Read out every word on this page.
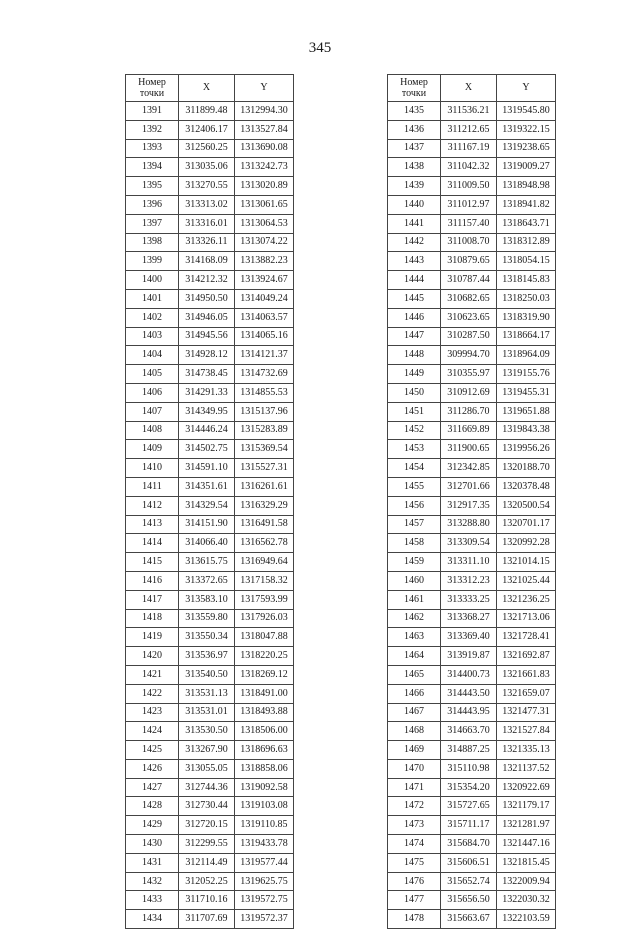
345
Номер
точки	X	Y
1391	311899.48	1312994.30
1392	312406.17	1313527.84
1393	312560.25	1313690.08
1394	313035.06	1313242.73
1395	313270.55	1313020.89
1396	313313.02	1313061.65
1397	313316.01	1313064.53
1398	313326.11	1313074.22
1399	314168.09	1313882.23
1400	314212.32	1313924.67
1401	314950.50	1314049.24
1402	314946.05	1314063.57
1403	314945.56	1314065.16
1404	314928.12	1314121.37
1405	314738.45	1314732.69
1406	314291.33	1314855.53
1407	314349.95	1315137.96
1408	314446.24	1315283.89
1409	314502.75	1315369.54
1410	314591.10	1315527.31
1411	314351.61	1316261.61
1412	314329.54	1316329.29
1413	314151.90	1316491.58
1414	314066.40	1316562.78
1415	313615.75	1316949.64
1416	313372.65	1317158.32
1417	313583.10	1317593.99
1418	313559.80	1317926.03
1419	313550.34	1318047.88
1420	313536.97	1318220.25
1421	313540.50	1318269.12
1422	313531.13	1318491.00
1423	313531.01	1318493.88
1424	313530.50	1318506.00
1425	313267.90	1318696.63
1426	313055.05	1318858.06
1427	312744.36	1319092.58
1428	312730.44	1319103.08
1429	312720.15	1319110.85
1430	312299.55	1319433.78
1431	312114.49	1319577.44
1432	312052.25	1319625.75
1433	311710.16	1319572.75
1434	311707.69	1319572.37
Номер
точки	X	Y
1435	311536.21	1319545.80
1436	311212.65	1319322.15
1437	311167.19	1319238.65
1438	311042.32	1319009.27
1439	311009.50	1318948.98
1440	311012.97	1318941.82
1441	311157.40	1318643.71
1442	311008.70	1318312.89
1443	310879.65	1318054.15
1444	310787.44	1318145.83
1445	310682.65	1318250.03
1446	310623.65	1318319.90
1447	310287.50	1318664.17
1448	309994.70	1318964.09
1449	310355.97	1319155.76
1450	310912.69	1319455.31
1451	311286.70	1319651.88
1452	311669.89	1319843.38
1453	311900.65	1319956.26
1454	312342.85	1320188.70
1455	312701.66	1320378.48
1456	312917.35	1320500.54
1457	313288.80	1320701.17
1458	313309.54	1320992.28
1459	313311.10	1321014.15
1460	313312.23	1321025.44
1461	313333.25	1321236.25
1462	313368.27	1321713.06
1463	313369.40	1321728.41
1464	313919.87	1321692.87
1465	314400.73	1321661.83
1466	314443.50	1321659.07
1467	314443.95	1321477.31
1468	314663.70	1321527.84
1469	314887.25	1321335.13
1470	315110.98	1321137.52
1471	315354.20	1320922.69
1472	315727.65	1321179.17
1473	315711.17	1321281.97
1474	315684.70	1321447.16
1475	315606.51	1321815.45
1476	315652.74	1322009.94
1477	315656.50	1322030.32
1478	315663.67	1322103.59
